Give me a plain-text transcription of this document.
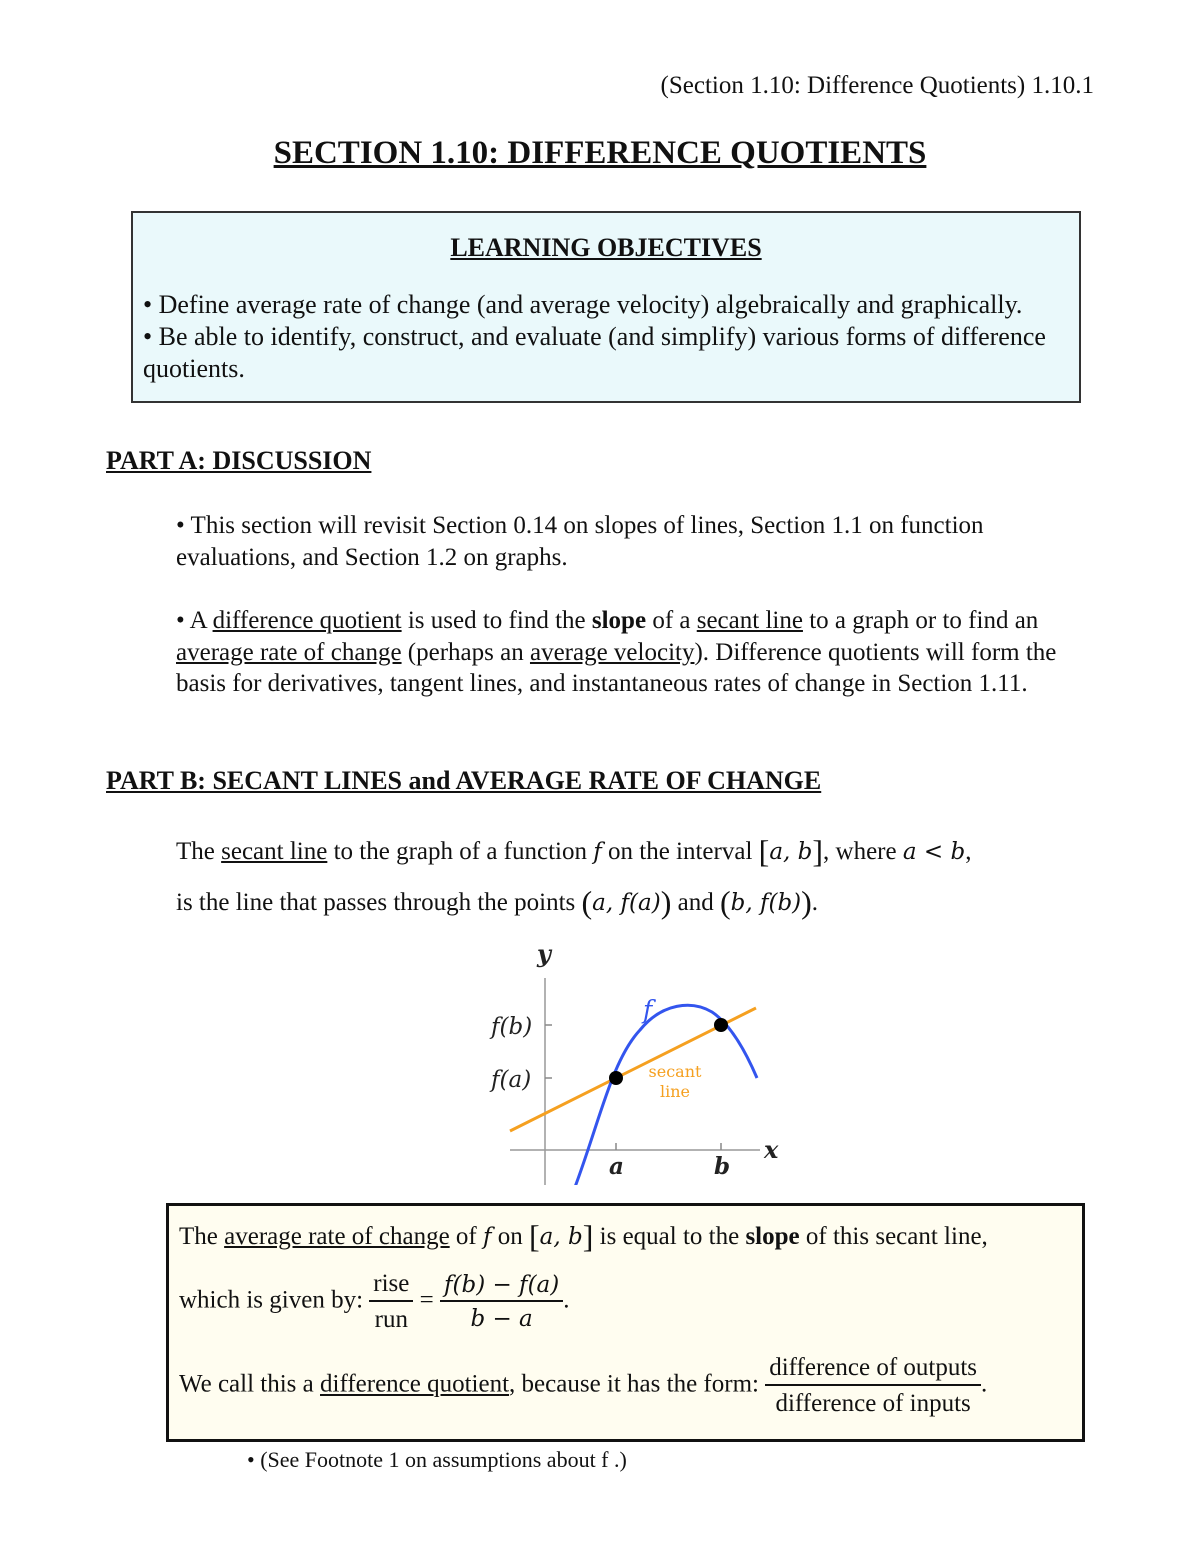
(Section 1.10: Difference Quotients) 1.10.1
SECTION 1.10: DIFFERENCE QUOTIENTS
LEARNING OBJECTIVES
• Define average rate of change (and average velocity) algebraically and graphically.
• Be able to identify, construct, and evaluate (and simplify) various forms of difference quotients.
PART A: DISCUSSION
• This section will revisit Section 0.14 on slopes of lines, Section 1.1 on function evaluations, and Section 1.2 on graphs.
• A difference quotient is used to find the slope of a secant line to a graph or to find an average rate of change (perhaps an average velocity). Difference quotients will form the basis for derivatives, tangent lines, and instantaneous rates of change in Section 1.11.
PART B: SECANT LINES and AVERAGE RATE OF CHANGE
The secant line to the graph of a function f on the interval [a, b], where a < b,
is the line that passes through the points (a, f(a)) and (b, f(b)).
y
x
f(b)
f(a)
a	b
f
secant
line
The average rate of change of f on [a, b] is equal to the slope of this secant line,
which is given by: $\frac{\text{rise}}{\text{run}} = \frac{f(b) - f(a)}{b - a}$ .
We call this a difference quotient, because it has the form: $\frac{\text{difference of outputs}}{\text{difference of inputs}}$ .
• (See Footnote 1 on assumptions about f .)
